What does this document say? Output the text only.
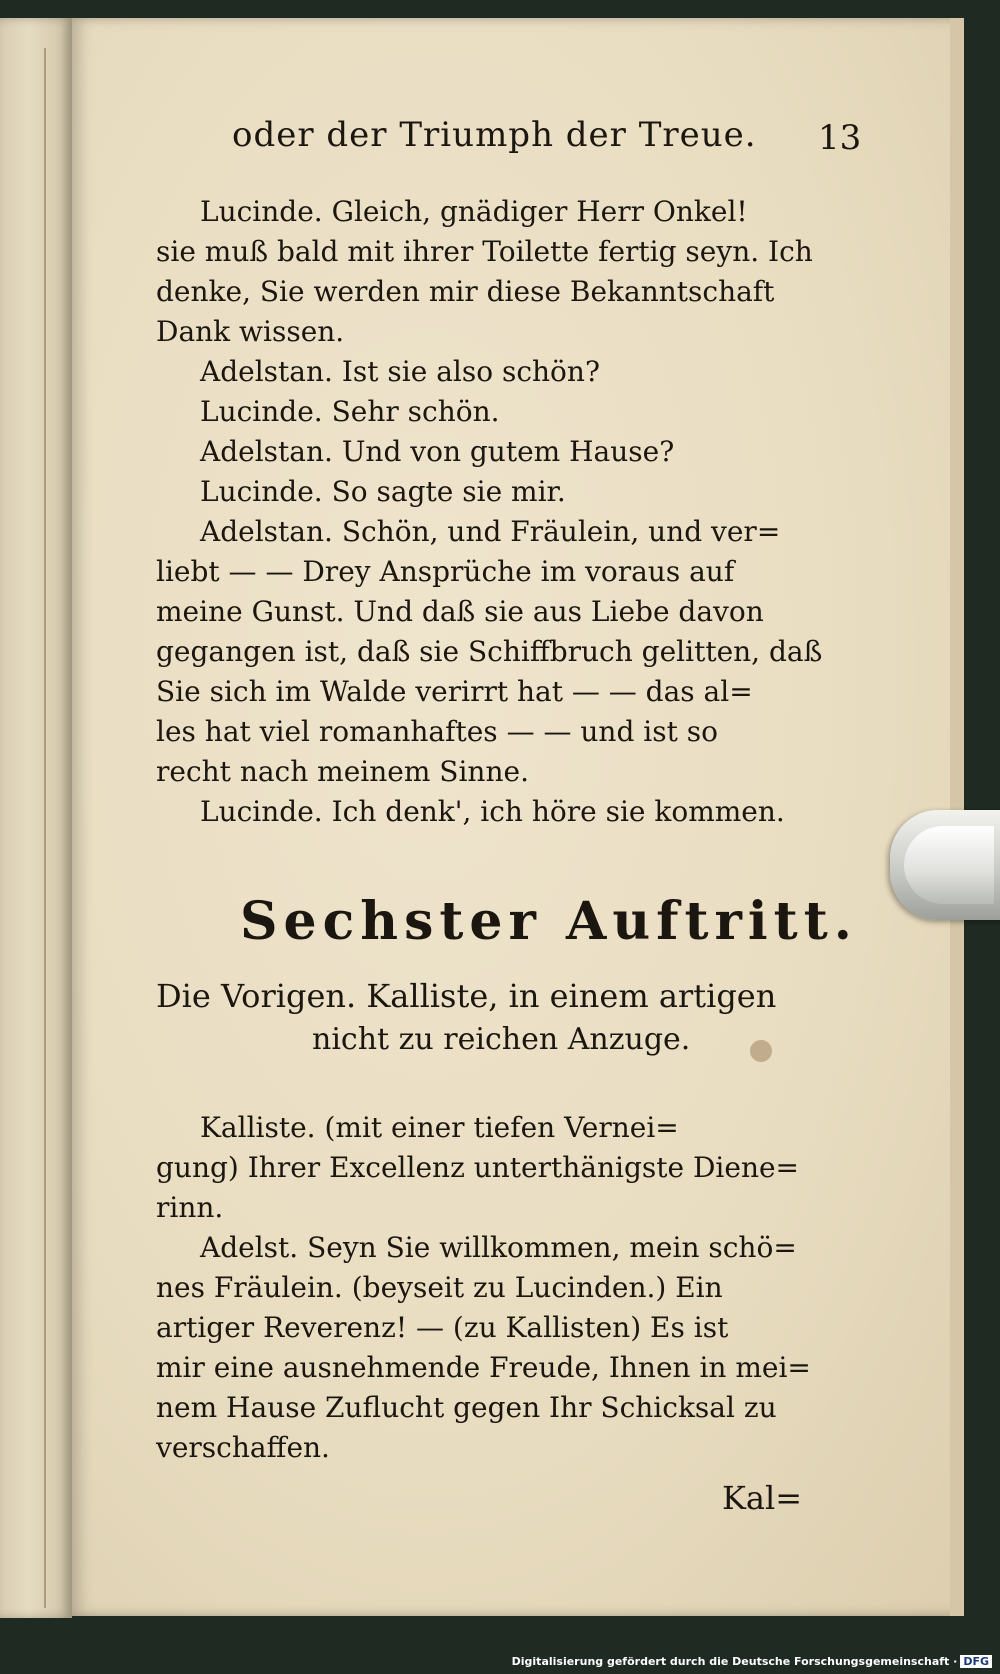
oder der Triumph der Treue. 13
Lucinde. Gleich, gnädiger Herr Onkel!
sie muß bald mit ihrer Toilette fertig seyn. Ich
denke, Sie werden mir diese Bekanntschaft
Dank wissen.
Adelstan. Ist sie also schön?
Lucinde. Sehr schön.
Adelstan. Und von gutem Hause?
Lucinde. So sagte sie mir.
Adelstan. Schön, und Fräulein, und ver=
liebt — — Drey Ansprüche im voraus auf
meine Gunst. Und daß sie aus Liebe davon
gegangen ist, daß sie Schiffbruch gelitten, daß
Sie sich im Walde verirrt hat — — das al=
les hat viel romanhaftes — — und ist so
recht nach meinem Sinne.
Lucinde. Ich denk', ich höre sie kommen.
Sechster Auftritt.
Die Vorigen. Kalliste, in einem artigen
nicht zu reichen Anzuge.
Kalliste. (mit einer tiefen Vernei=
gung) Ihrer Excellenz unterthänigste Diene=
rinn.
Adelst. Seyn Sie willkommen, mein schö=
nes Fräulein. (beyseit zu Lucinden.) Ein
artiger Reverenz! — (zu Kallisten) Es ist
mir eine ausnehmende Freude, Ihnen in mei=
nem Hause Zuflucht gegen Ihr Schicksal zu
verschaffen.
Kal=
Digitalisierung gefördert durch die Deutsche Forschungsgemeinschaft · DFG
